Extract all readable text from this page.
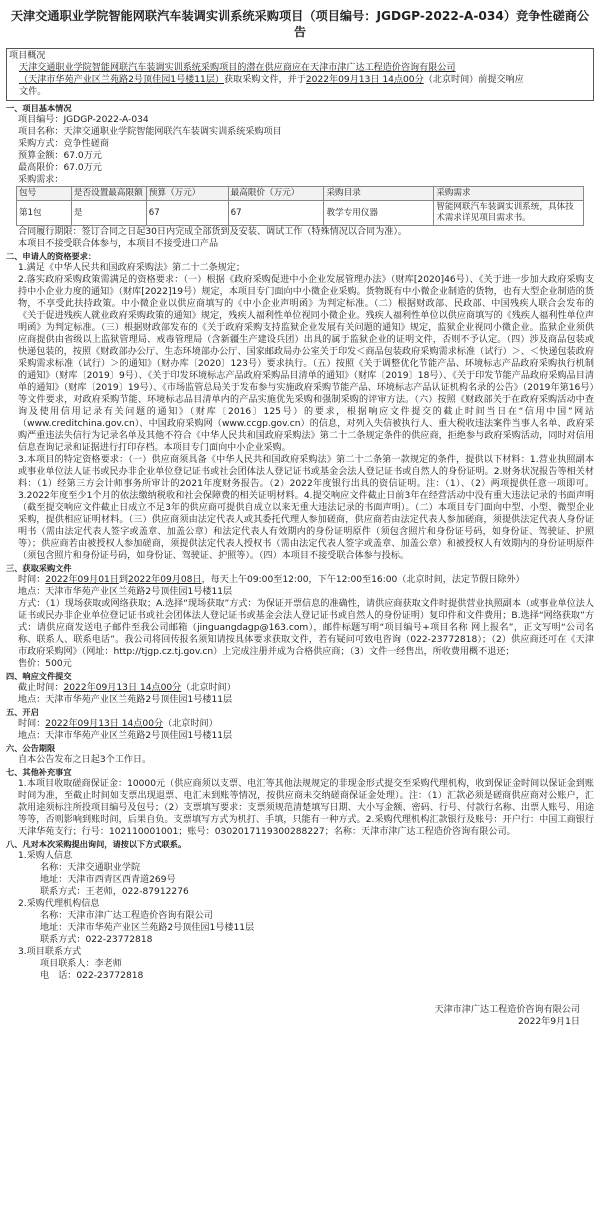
天津交通职业学院智能网联汽车装调实训系统采购项目（项目编号：JGDGP-2022-A-034）竞争性磋商公
告
项目概况
天津交通职业学院智能网联汽车装调实训系统采购项目的潜在供应商应在天津市津广达工程造价咨询有限公司
（天津市华苑产业区兰苑路2号顶佳园1号楼11层）获取采购文件，并于2022年09月13日 14点00分（北京时间）前提交响应
文件。
一、项目基本情况
项目编号：JGDGP-2022-A-034
项目名称：天津交通职业学院智能网联汽车装调实训系统采购项目
采购方式：竞争性磋商
预算金额：67.0万元
最高限价：67.0万元
采购需求：
包号	是否设置最高限额	预算（万元）	最高限价（万元）	采购目录	采购需求
第1包	是	67	67	教学专用仪器	智能网联汽车装调实训系统，具体技术需求详见项目需求书。
合同履行期限：签订合同之日起30日内完成全部货到及安装、调试工作（特殊情况以合同为准）。
本项目不接受联合体参与，本项目不接受进口产品
二、申请人的资格要求：
1.满足《中华人民共和国政府采购法》第二十二条规定；
2.落实政府采购政策需满足的资格要求：（一）根据《政府采购促进中小企业发展管理办法》（财库[2020]46号）、《关于进一步加大政府采购支持中小企业力度的通知》（财库[2022]19号）规定，本项目专门面向中小微企业采购。货物既有中小微企业制造的货物，也有大型企业制造的货物，不享受此扶持政策。中小微企业以供应商填写的《中小企业声明函》为判定标准。（二）根据财政部、民政部、中国残疾人联合会发布的《关于促进残疾人就业政府采购政策的通知》规定，残疾人福利性单位视同小微企业。残疾人福利性单位以供应商填写的《残疾人福利性单位声明函》为判定标准。（三）根据财政部发布的《关于政府采购支持监狱企业发展有关问题的通知》规定，监狱企业视同小微企业。监狱企业须供应商提供由省级以上监狱管理局、戒毒管理局（含新疆生产建设兵团）出具的属于监狱企业的证明文件，否则不予认定。（四）涉及商品包装或快递包装的，按照《财政部办公厅、生态环境部办公厅、国家邮政局办公室关于印发＜商品包装政府采购需求标准（试行）＞、＜快递包装政府采购需求标准（试行）＞的通知》（财办库〔2020〕123号）要求执行。（五）按照《关于调整优化节能产品、环境标志产品政府采购执行机制的通知》（财库〔2019〕9号）、《关于印发环境标志产品政府采购品目清单的通知》（财库〔2019〕18号）、《关于印发节能产品政府采购品目清单的通知》（财库〔2019〕19号）、《市场监管总局关于发布参与实施政府采购节能产品、环境标志产品认证机构名录的公告》（2019年第16号）等文件要求，对政府采购节能、环境标志品目清单内的产品实施优先采购和强制采购的评审方法。（六）按照《财政部关于在政府采购活动中查询及使用信用记录有关问题的通知》（财库〔2016〕125号）的要求，根据响应文件提交的截止时间当日在“信用中国”网站（www.creditchina.gov.cn）、中国政府采购网（www.ccgp.gov.cn）的信息，对列入失信被执行人、重大税收违法案件当事人名单、政府采购严重违法失信行为记录名单及其他不符合《中华人民共和国政府采购法》第二十二条规定条件的供应商，拒绝参与政府采购活动，同时对信用信息查询记录和证据进行打印存档。本项目专门面向中小企业采购。
3.本项目的特定资格要求：（一）供应商须具备《中华人民共和国政府采购法》第二十二条第一款规定的条件，提供以下材料：1.营业执照副本或事业单位法人证书或民办非企业单位登记证书或社会团体法人登记证书或基金会法人登记证书或自然人的身份证明。2.财务状况报告等相关材料：（1）经第三方会计师事务所审计的2021年度财务报告。（2）2022年度银行出具的资信证明。注：（1）、（2）两项提供任意一项即可。3.2022年度至少1个月的依法缴纳税收和社会保障费的相关证明材料。4.提交响应文件截止日前3年在经营活动中没有重大违法记录的书面声明（截至提交响应文件截止日成立不足3年的供应商可提供自成立以来无重大违法记录的书面声明）。（二）本项目专门面向中型、小型、微型企业采购，提供相应证明材料。（三）供应商须由法定代表人或其委托代理人参加磋商，供应商若由法定代表人参加磋商，须提供法定代表人身份证明书（需由法定代表人签字或盖章、加盖公章）和法定代表人有效期内的身份证明原件（须包含照片和身份证号码，如身份证、驾驶证、护照等）；供应商若由被授权人参加磋商，须提供法定代表人授权书（需由法定代表人签字或盖章、加盖公章）和被授权人有效期内的身份证明原件（须包含照片和身份证号码，如身份证、驾驶证、护照等）。（四）本项目不接受联合体参与投标。
三、获取采购文件
时间：2022年09月01日到2022年09月08日，每天上午09:00至12:00，下午12:00至16:00（北京时间，法定节假日除外）
地点：天津市华苑产业区兰苑路2号顶佳园1号楼11层
方式：（1）现场获取或网络获取；A.选择“现场获取”方式：为保证开票信息的准确性，请供应商获取文件时提供营业执照副本（或事业单位法人证书或民办非企业单位登记证书或社会团体法人登记证书或基金会法人登记证书或自然人的身份证明）复印件和文件费用；B.选择“网络获取”方式：请供应商发送电子邮件至我公司邮箱（jinguangdagp@163.com），邮件标题写明“项目编号+项目名称 网上报名”，正文写明“公司名称、联系人、联系电话”。我公司将回传报名须知请按具体要求获取文件，若有疑问可致电咨询（022-23772818）；（2）供应商还可在《天津市政府采购网》（网址：http://tjgp.cz.tj.gov.cn）上完成注册并成为合格供应商；（3）文件一经售出，所收费用概不退还；
售价：500元
四、响应文件提交
截止时间：2022年09月13日 14点00分（北京时间）
地点：天津市华苑产业区兰苑路2号顶佳园1号楼11层
五、开启
时间：2022年09月13日 14点00分（北京时间）
地点：天津市华苑产业区兰苑路2号顶佳园1号楼11层
六、公告期限
自本公告发布之日起3个工作日。
七、其他补充事宜
1.本项目收取磋商保证金：10000元（供应商须以支票、电汇等其他法规规定的非现金形式提交至采购代理机构，收到保证金时间以保证金到账时间为准，至截止时间如支票出现退票、电汇未到账等情况，按供应商未交纳磋商保证金处理）。注：（1）汇款必须是磋商供应商对公账户，汇款用途须标注所投项目编号及包号；（2）支票填写要求：支票须规范清楚填写日期、大小写金额、密码、行号、付款行名称、出票人账号、用途等等，否则影响到账时间，后果自负。支票填写方式为机打、手填，只能有一种方式。2.采购代理机构汇款银行及账号：开户行：中国工商银行天津华苑支行；行号：102110001001；账号：0302017119300288227；名称：天津市津广达工程造价咨询有限公司。
八、凡对本次采购提出询问，请按以下方式联系。
1.采购人信息
名称：天津交通职业学院
地址：天津市西青区西青道269号
联系方式：王老师，022-87912276
2.采购代理机构信息
名称：天津市津广达工程造价咨询有限公司
地址：天津市华苑产业区兰苑路2号顶佳园1号楼11层
联系方式：022-23772818
3.项目联系方式
项目联系人：李老师
电　话：022-23772818
天津市津广达工程造价咨询有限公司
2022年9月1日
